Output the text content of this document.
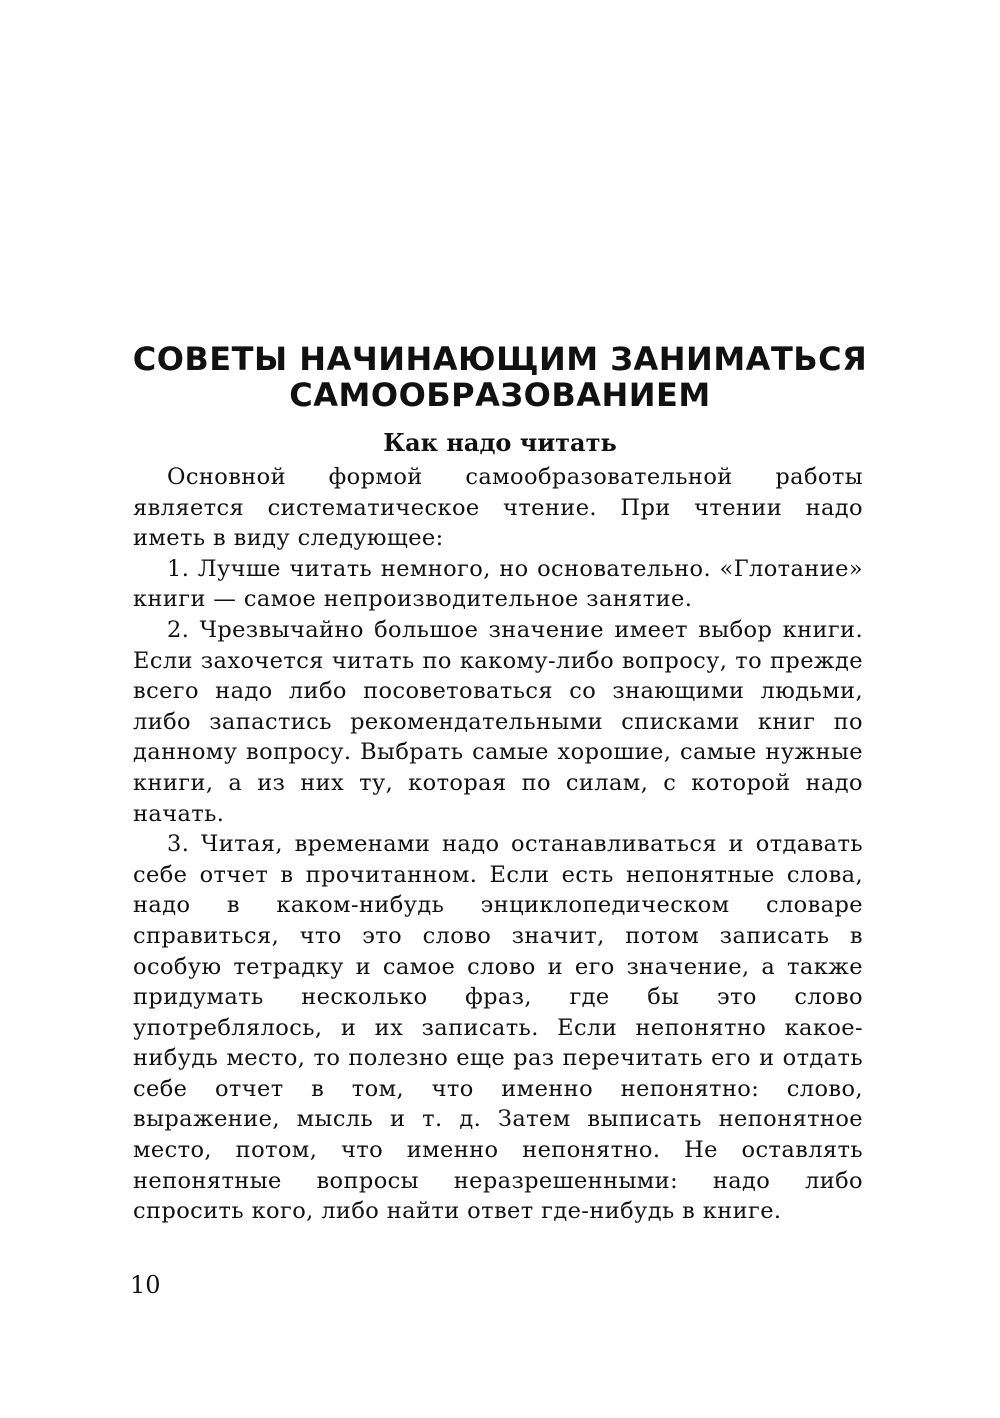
СОВЕТЫ НАЧИНАЮЩИМ ЗАНИМАТЬСЯ
САМООБРАЗОВАНИЕМ
Как надо читать

Основной формой самообразовательной работы является систематическое чтение. При чтении надо иметь в виду следующее:

1. Лучше читать немного, но основательно. «Глотание» книги — самое непроизводительное занятие.

2. Чрезвычайно большое значение имеет выбор книги. Если захочется читать по какому-либо вопросу, то прежде всего надо либо посоветоваться со знающими людьми, либо запастись рекомендательными списками книг по данному вопросу. Выбрать самые хорошие, самые нужные книги, а из них ту, которая по силам, с которой надо начать.

3. Читая, временами надо останавливаться и отдавать себе отчет в прочитанном. Если есть непонятные слова, надо в каком-нибудь энциклопедическом словаре справиться, что это слово значит, потом записать в особую тетрадку и самое слово и его значение, а также придумать несколько фраз, где бы это слово употреблялось, и их записать. Если непонятно какое-нибудь место, то полезно еще раз перечитать его и отдать себе отчет в том, что именно непонятно: слово, выражение, мысль и т. д. Затем выписать непонятное место, потом, что именно непонятно. Не оставлять непонятные вопросы неразрешенными: надо либо спросить кого, либо найти ответ где-нибудь в книге.

10
